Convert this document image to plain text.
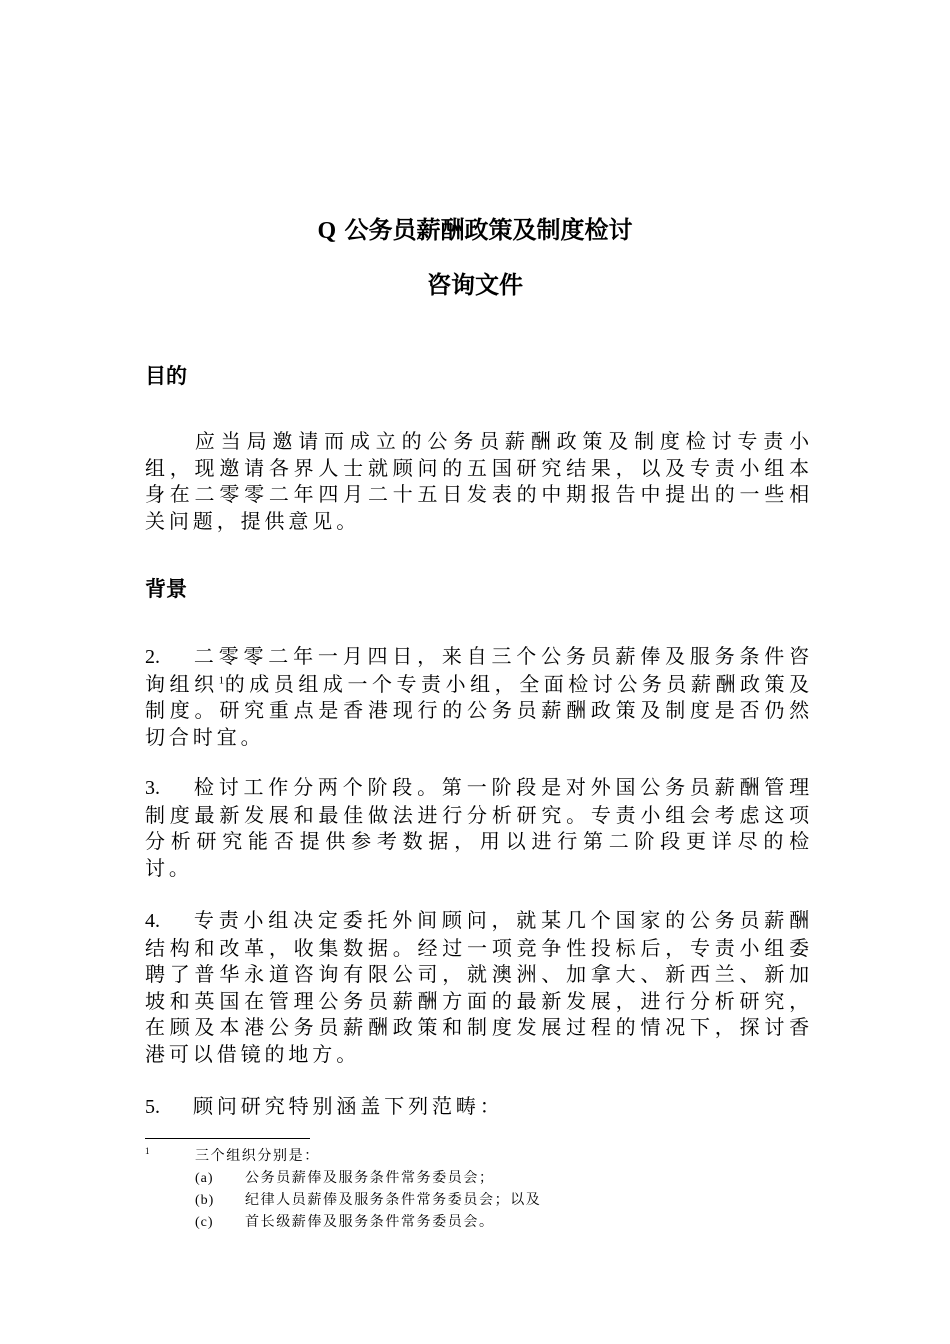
Q 公务员薪酬政策及制度检讨
咨询文件
目的
应当局邀请而成立的公务员薪酬政策及制度检讨专责小组，现邀请各界人士就顾问的五国研究结果，以及专责小组本身在二零零二年四月二十五日发表的中期报告中提出的一些相关问题，提供意见。
背景
2. 二零零二年一月四日，来自三个公务员薪俸及服务条件咨询组织$^1$的成员组成一个专责小组，全面检讨公务员薪酬政策及制度。研究重点是香港现行的公务员薪酬政策及制度是否仍然切合时宜。
3. 检讨工作分两个阶段。第一阶段是对外国公务员薪酬管理制度最新发展和最佳做法进行分析研究。专责小组会考虑这项分析研究能否提供参考数据，用以进行第二阶段更详尽的检讨。
4. 专责小组决定委托外间顾问，就某几个国家的公务员薪酬结构和改革，收集数据。经过一项竞争性投标后，专责小组委聘了普华永道咨询有限公司，就澳洲、加拿大、新西兰、新加坡和英国在管理公务员薪酬方面的最新发展，进行分析研究，在顾及本港公务员薪酬政策和制度发展过程的情况下，探讨香港可以借镜的地方。
5. 顾问研究特别涵盖下列范畴：
1	三个组织分别是：
(a) 公务员薪俸及服务条件常务委员会；
(b) 纪律人员薪俸及服务条件常务委员会；以及
(c) 首长级薪俸及服务条件常务委员会。
